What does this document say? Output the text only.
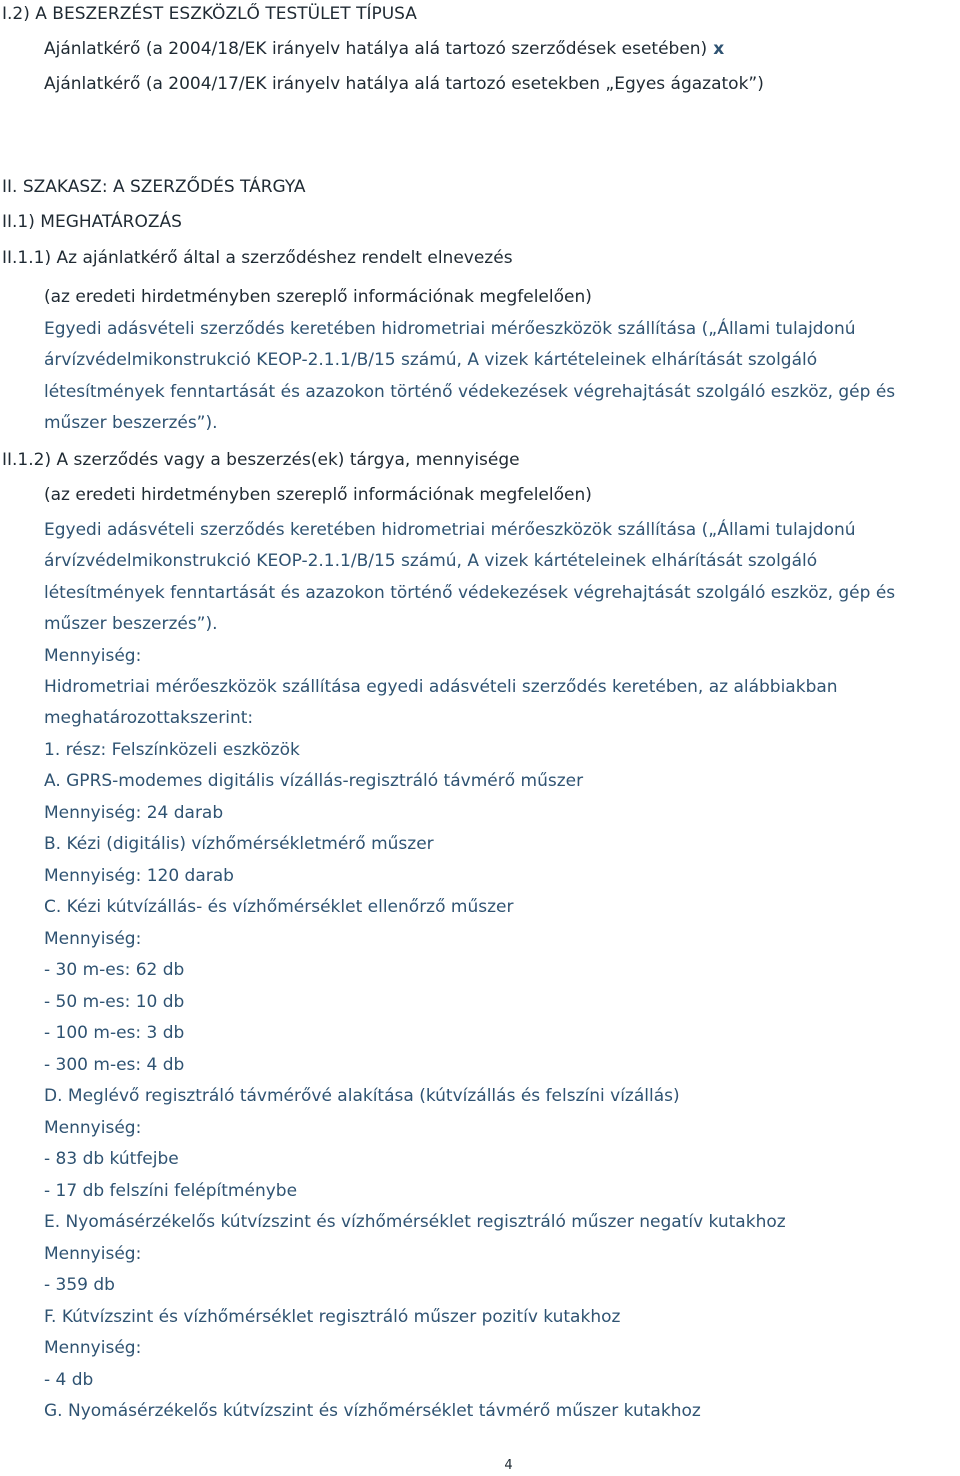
I.2) A BESZERZÉST ESZKÖZLŐ TESTÜLET TÍPUSA
Ajánlatkérő (a 2004/18/EK irányelv hatálya alá tartozó szerződések esetében) x
Ajánlatkérő (a 2004/17/EK irányelv hatálya alá tartozó esetekben „Egyes ágazatok”)
II. SZAKASZ: A SZERZŐDÉS TÁRGYA
II.1) MEGHATÁROZÁS
II.1.1) Az ajánlatkérő által a szerződéshez rendelt elnevezés
(az eredeti hirdetményben szereplő információnak megfelelően)
Egyedi adásvételi szerződés keretében hidrometriai mérőeszközök szállítása („Állami tulajdonú
árvízvédelmikonstrukció KEOP-2.1.1/B/15 számú, A vizek kártételeinek elhárítását szolgáló
létesítmények fenntartását és azazokon történő védekezések végrehajtását szolgáló eszköz, gép és
műszer beszerzés”).
II.1.2) A szerződés vagy a beszerzés(ek) tárgya, mennyisége
(az eredeti hirdetményben szereplő információnak megfelelően)
Egyedi adásvételi szerződés keretében hidrometriai mérőeszközök szállítása („Állami tulajdonú
árvízvédelmikonstrukció KEOP-2.1.1/B/15 számú, A vizek kártételeinek elhárítását szolgáló
létesítmények fenntartását és azazokon történő védekezések végrehajtását szolgáló eszköz, gép és
műszer beszerzés”).
Mennyiség:
Hidrometriai mérőeszközök szállítása egyedi adásvételi szerződés keretében, az alábbiakban
meghatározottakszerint:
1. rész: Felszínközeli eszközök
A. GPRS-modemes digitális vízállás-regisztráló távmérő műszer
Mennyiség: 24 darab
B. Kézi (digitális) vízhőmérsékletmérő műszer
Mennyiség: 120 darab
C. Kézi kútvízállás- és vízhőmérséklet ellenőrző műszer
Mennyiség:
- 30 m-es: 62 db
- 50 m-es: 10 db
- 100 m-es: 3 db
- 300 m-es: 4 db
D. Meglévő regisztráló távmérővé alakítása (kútvízállás és felszíni vízállás)
Mennyiség:
- 83 db kútfejbe
- 17 db felszíni felépítménybe
E. Nyomásérzékelős kútvízszint és vízhőmérséklet regisztráló műszer negatív kutakhoz
Mennyiség:
- 359 db
F. Kútvízszint és vízhőmérséklet regisztráló műszer pozitív kutakhoz
Mennyiség:
- 4 db
G. Nyomásérzékelős kútvízszint és vízhőmérséklet távmérő műszer kutakhoz
4
